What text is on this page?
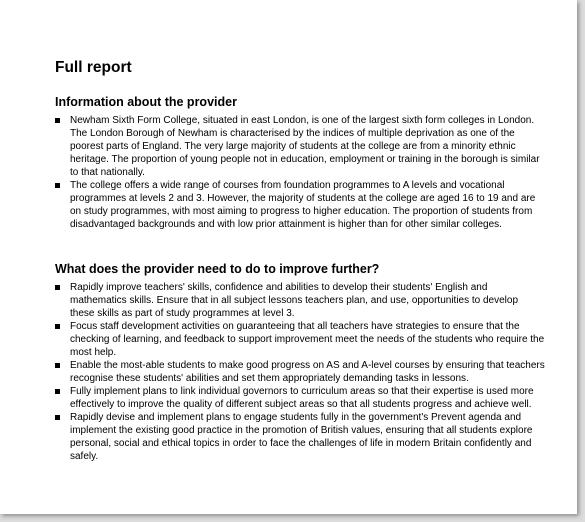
Full report
Information about the provider
Newham Sixth Form College, situated in east London, is one of the largest sixth form colleges in London. The London Borough of Newham is characterised by the indices of multiple deprivation as one of the poorest parts of England. The very large majority of students at the college are from a minority ethnic heritage. The proportion of young people not in education, employment or training in the borough is similar to that nationally.
The college offers a wide range of courses from foundation programmes to A levels and vocational programmes at levels 2 and 3. However, the majority of students at the college are aged 16 to 19 and are on study programmes, with most aiming to progress to higher education. The proportion of students from disadvantaged backgrounds and with low prior attainment is higher than for other similar colleges.
What does the provider need to do to improve further?
Rapidly improve teachers' skills, confidence and abilities to develop their students' English and mathematics skills. Ensure that in all subject lessons teachers plan, and use, opportunities to develop these skills as part of study programmes at level 3.
Focus staff development activities on guaranteeing that all teachers have strategies to ensure that the checking of learning, and feedback to support improvement meet the needs of the students who require the most help.
Enable the most-able students to make good progress on AS and A-level courses by ensuring that teachers recognise these students' abilities and set them appropriately demanding tasks in lessons.
Fully implement plans to link individual governors to curriculum areas so that their expertise is used more effectively to improve the quality of different subject areas so that all students progress and achieve well.
Rapidly devise and implement plans to engage students fully in the government's Prevent agenda and implement the existing good practice in the promotion of British values, ensuring that all students explore personal, social and ethical topics in order to face the challenges of life in modern Britain confidently and safely.
